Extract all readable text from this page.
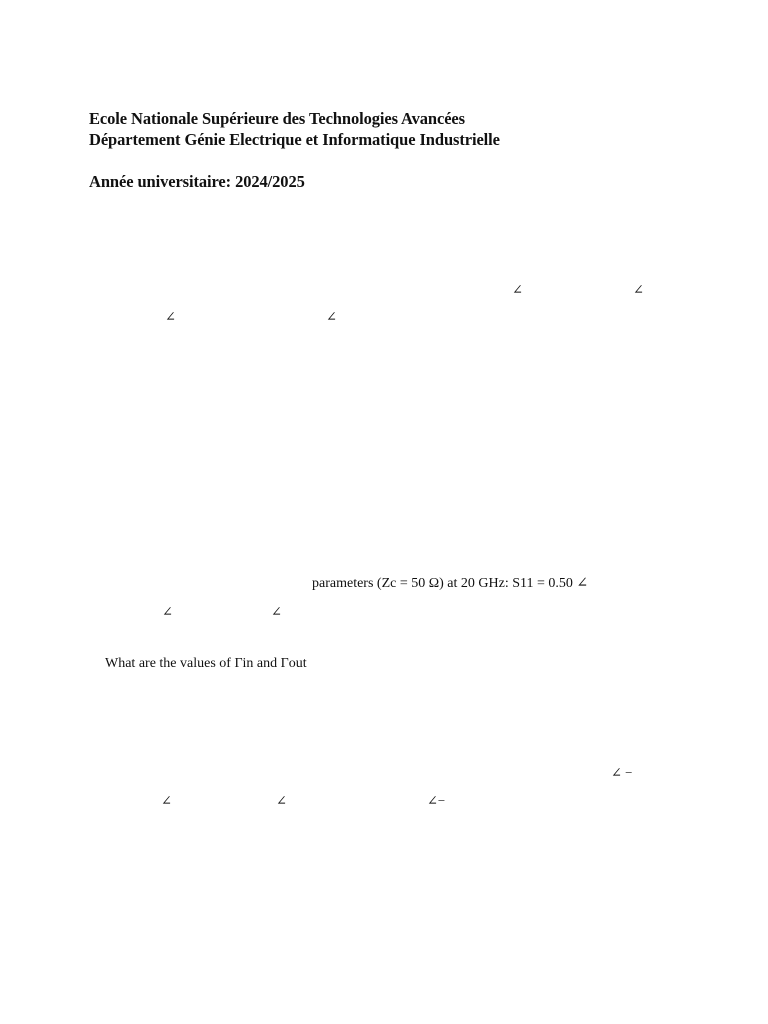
Ecole Nationale Supérieure des Technologies Avancées
Département Génie Electrique et Informatique Industrielle
Année universitaire: 2024/2025
∠	∠
∠	∠
parameters (Zc = 50 Ω) at 20 GHz: S11 = 0.50 ∠
∠	∠
What are the values of Γin and Γout
∠ −
∠	∠	∠−
